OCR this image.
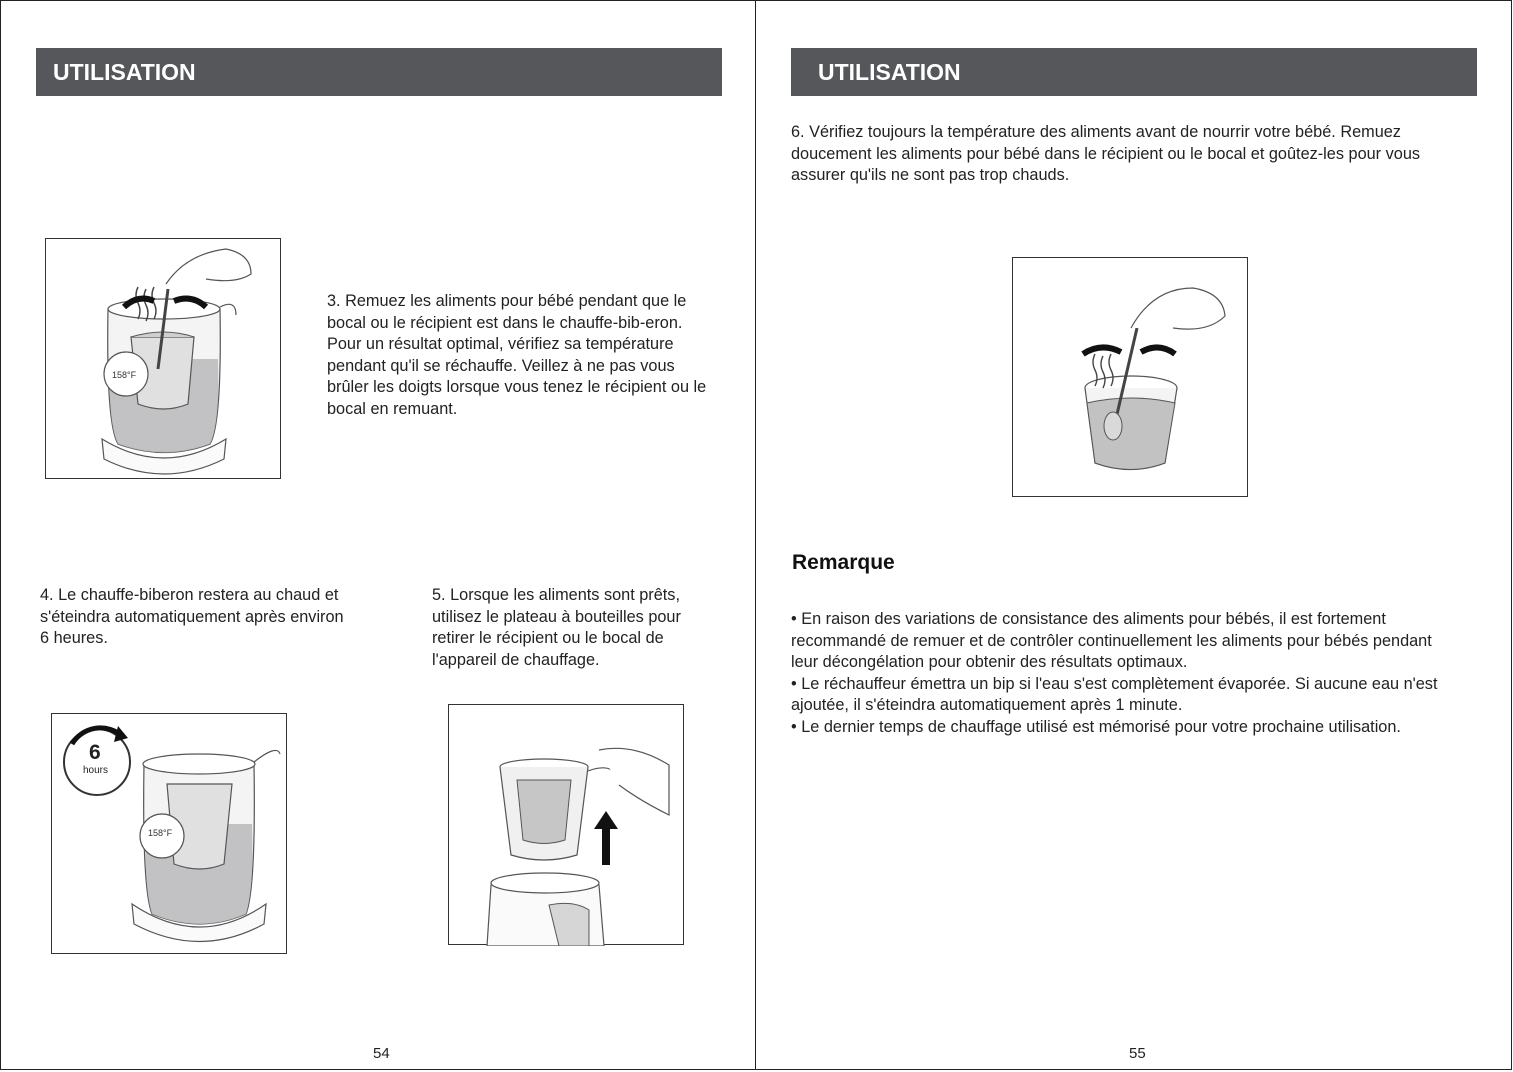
UTILISATION
158°F

3. Remuez les aliments pour bébé pendant que le bocal ou le récipient est dans le chauffe-bib-eron. Pour un résultat optimal, vérifiez sa température pendant qu'il se réchauffe. Veillez à ne pas vous brûler les doigts lorsque vous tenez le récipient ou le bocal en remuant.

4. Le chauffe-biberon restera au chaud et s'éteindra automatiquement après environ 6 heures.

5. Lorsque les aliments sont prêts, utilisez le plateau à bouteilles pour retirer le récipient ou le bocal de l'appareil de chauffage.

6
hours
158°F
54
UTILISATION

6. Vérifiez toujours la température des aliments avant de nourrir votre bébé. Remuez doucement les aliments pour bébé dans le récipient ou le bocal et goûtez-les pour vous assurer qu'ils ne sont pas trop chauds.

Remarque
• En raison des variations de consistance des aliments pour bébés, il est fortement recommandé de remuer et de contrôler continuellement les aliments pour bébés pendant leur décongélation pour obtenir des résultats optimaux.
• Le réchauffeur émettra un bip si l'eau s'est complètement évaporée. Si aucune eau n'est ajoutée, il s'éteindra automatiquement après 1 minute.
• Le dernier temps de chauffage utilisé est mémorisé pour votre prochaine utilisation.
55
